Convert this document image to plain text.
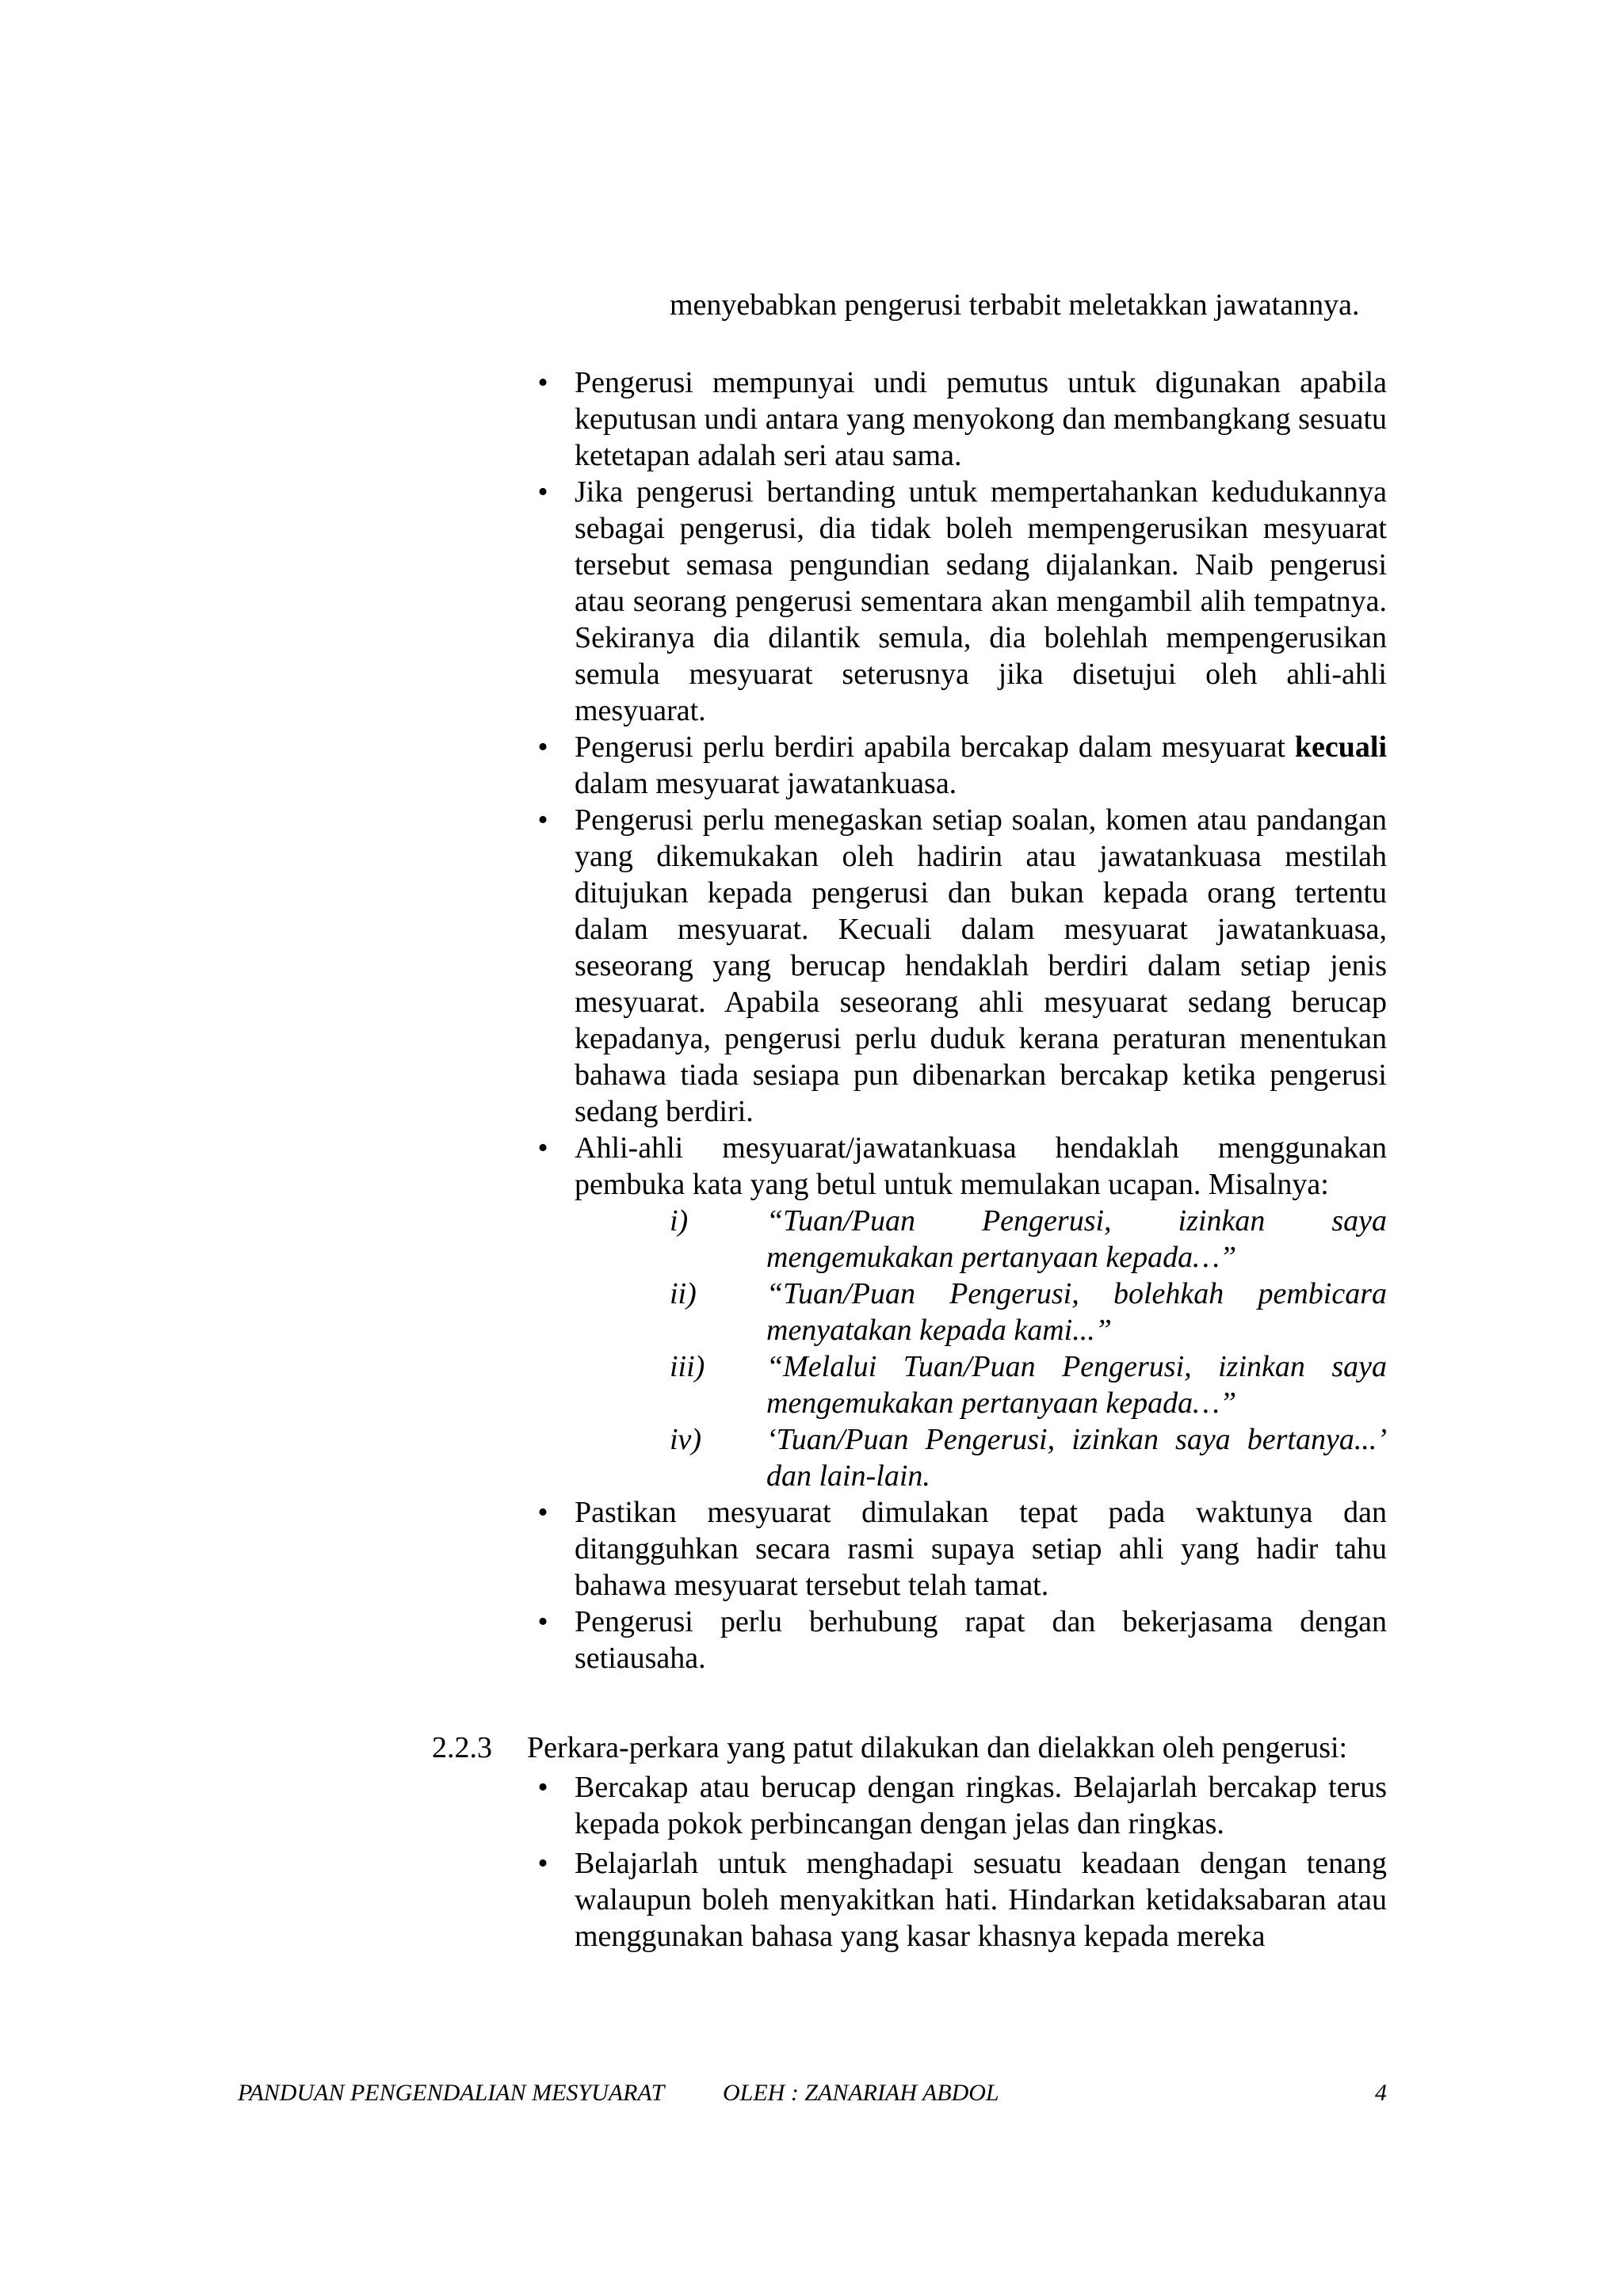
menyebabkan pengerusi terbabit meletakkan jawatannya.
• Pengerusi mempunyai undi pemutus untuk digunakan apabila keputusan undi antara yang menyokong dan membangkang sesuatu ketetapan adalah seri atau sama.
• Jika pengerusi bertanding untuk mempertahankan kedudukannya sebagai pengerusi, dia tidak boleh mempengerusikan mesyuarat tersebut semasa pengundian sedang dijalankan. Naib pengerusi atau seorang pengerusi sementara akan mengambil alih tempatnya. Sekiranya dia dilantik semula, dia bolehlah mempengerusikan semula mesyuarat seterusnya jika disetujui oleh ahli-ahli mesyuarat.
• Pengerusi perlu berdiri apabila bercakap dalam mesyuarat kecuali dalam mesyuarat jawatankuasa.
• Pengerusi perlu menegaskan setiap soalan, komen atau pandangan yang dikemukakan oleh hadirin atau jawatankuasa mestilah ditujukan kepada pengerusi dan bukan kepada orang tertentu dalam mesyuarat. Kecuali dalam mesyuarat jawatankuasa, seseorang yang berucap hendaklah berdiri dalam setiap jenis mesyuarat. Apabila seseorang ahli mesyuarat sedang berucap kepadanya, pengerusi perlu duduk kerana peraturan menentukan bahawa tiada sesiapa pun dibenarkan bercakap ketika pengerusi sedang berdiri.
• Ahli-ahli mesyuarat/jawatankuasa hendaklah menggunakan pembuka kata yang betul untuk memulakan ucapan. Misalnya:
i)	“Tuan/Puan Pengerusi, izinkan saya mengemukakan pertanyaan kepada…”
ii) “Tuan/Puan Pengerusi, bolehkah pembicara menyatakan kepada kami...”
iii) “Melalui Tuan/Puan Pengerusi, izinkan saya mengemukakan pertanyaan kepada…”
iv) ‘Tuan/Puan Pengerusi, izinkan saya bertanya...’ dan lain-lain.
• Pastikan mesyuarat dimulakan tepat pada waktunya dan ditangguhkan secara rasmi supaya setiap ahli yang hadir tahu bahawa mesyuarat tersebut telah tamat.
• Pengerusi perlu berhubung rapat dan bekerjasama dengan setiausaha.
2.2.3 Perkara-perkara yang patut dilakukan dan dielakkan oleh pengerusi:
• Bercakap atau berucap dengan ringkas. Belajarlah bercakap terus kepada pokok perbincangan dengan jelas dan ringkas.
• Belajarlah untuk menghadapi sesuatu keadaan dengan tenang walaupun boleh menyakitkan hati. Hindarkan ketidaksabaran atau menggunakan bahasa yang kasar khasnya kepada mereka
PANDUAN PENGENDALIAN MESYUARAT OLEH : ZANARIAH ABDOL	4
